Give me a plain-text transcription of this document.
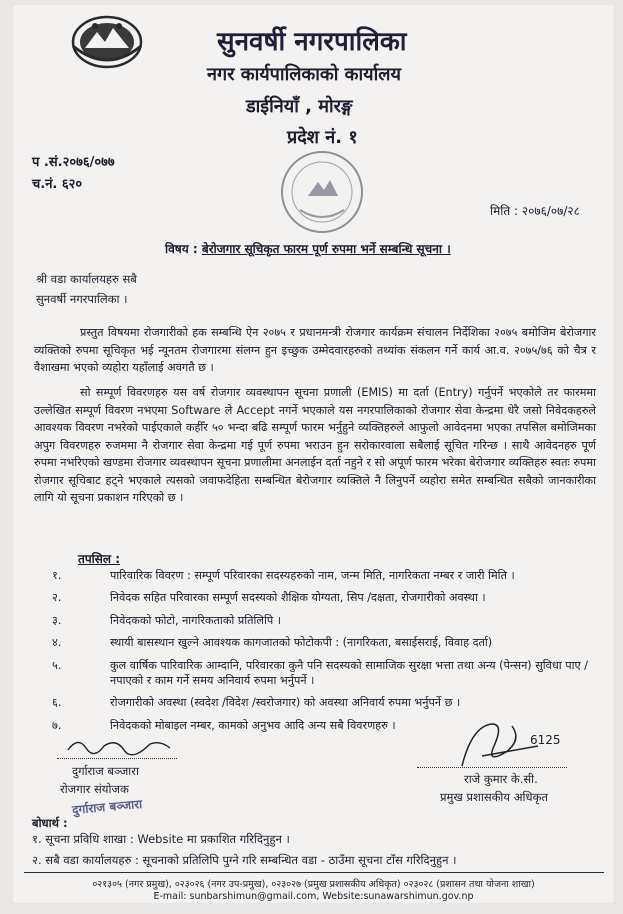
सुनवर्षी नगरपालिका
नगर कार्यपालिकाको कार्यालय
डाईनियाँ , मोरङ्ग
प्रदेश नं. १
प .सं.२०७६/०७७
च.नं. ६२०
मिति : २०७६/०७/२८
विषय : बेरोजगार सूचिकृत फारम पूर्ण रुपमा भर्ने सम्बन्धि सूचना ।
श्री वडा कार्यालयहरु सबै
सुनवर्षी नगरपालिका ।
प्रस्तुत विषयमा रोजगारीको हक सम्बन्धि ऐन २०७५ र प्रधानमन्त्री रोजगार कार्यक्रम संचालन निर्देशिका २०७५ बमोजिम बेरोजगार व्यक्तिको रुपमा सूचिकृत भई न्यूनतम रोजगारमा संलग्न हुन इच्छुक उम्मेदवारहरुको तथ्यांक संकलन गर्ने कार्य आ.व. २०७५/७६ को चैत्र र वैशाखमा भएको व्यहोरा यहाँलाई अवगतै छ ।
सो सम्पूर्ण विवरणहरु यस वर्ष रोजगार व्यवस्थापन सूचना प्रणाली (EMIS) मा दर्ता (Entry) गर्नुपर्ने भएकोले तर फारममा उल्लेखित सम्पूर्ण विवरण नभएमा Software ले Accept नगर्ने भएकाले यस नगरपालिकाको रोजगार सेवा केन्द्रमा धेरै जसो निवेदकहरुले आवश्यक विवरण नभरेको पाईएकाले कहीँर ५० भन्दा बढि सम्पूर्ण फारम भर्नुहुने व्यक्तिहरुले आफुलो आवेदनमा भएका तपसिल बमोजिमका अपुग विवरणहरु रुजममा नै रोजगार सेवा केन्द्रमा गई पूर्ण रुपमा भराउन हुन सरोकारवाला सबैलाई सूचित गरिन्छ । साथै आवेदनहरु पूर्ण रुपमा नभरिएको खण्डमा रोजगार व्यवस्थापन सूचना प्रणालीमा अनलाईन दर्ता नहुने र सो अपूर्ण फारम भरेका बेरोजगार व्यक्तिहरु स्वतः रुपमा रोजगार सूचिबाट हट्ने भएकाले त्यसको जवाफदेहिता सम्बन्धित बेरोजगार व्यक्तिले नै लिनुपर्ने व्यहोरा समेत सम्बन्धित सबैको जानकारीका लागि यो सूचना प्रकाशन गरिएको छ ।
तपसिल :
१.	पारिवारिक विवरण : सम्पूर्ण परिवारका सदस्यहरुको नाम, जन्म मिति, नागरिकता नम्बर र जारी मिति ।
२.	निवेदक सहित परिवारका सम्पूर्ण सदस्यको शैक्षिक योग्यता, सिप /दक्षता, रोजगारीको अवस्था ।
३.	निवेदकको फोटो, नागरिकताको प्रतिलिपि ।
४.	स्थायी बासस्थान खुल्ने आवश्यक कागजातको फोटोकपी : (नागरिकता, बसाईसराई, विवाह दर्ता)
५.	कुल वार्षिक पारिवारिक आम्दानि, परिवारका कुनै पनि सदस्यको सामाजिक सुरक्षा भत्ता तथा अन्य (पेन्सन) सुविधा पाए / नपाएको र काम गर्ने समय अनिवार्य रुपमा भर्नुपर्ने ।
६.	रोजगारीको अवस्था (स्वदेश /विदेश /स्वरोजगार) को अवस्था अनिवार्य रुपमा भर्नुपर्ने छ ।
७.	निवेदकको मोबाइल नम्बर, कामको अनुभव आदि अन्य सबै विवरणहरु ।
6125
दुर्गाराज बञ्जारा
रोजगार संयोजक
दुर्गाराज बञ्जारा
राजे कुमार के.सी.
प्रमुख प्रशासकीय अधिकृत
बोधार्थ :
१. सूचना प्रविधि शाखा : Website मा प्रकाशित गरिदिनुहुन ।
२. सबै वडा कार्यालयहरु : सूचनाको प्रतिलिपि पुग्ने गरि सम्बन्धित वडा - ठाउँमा सूचना टाँस गरिदिनुहुन ।
०२१३०५ (नगर प्रमुख), ०२३०२६ (नगर उप-प्रमुख), ०२३०२७ (प्रमुख प्रशासकीय अधिकृत) ०२३०२८ (प्रशासन तथा योजना शाखा)
E-mail: sunbarshimun@gmail.com, Website:sunawarshimun.gov.np
